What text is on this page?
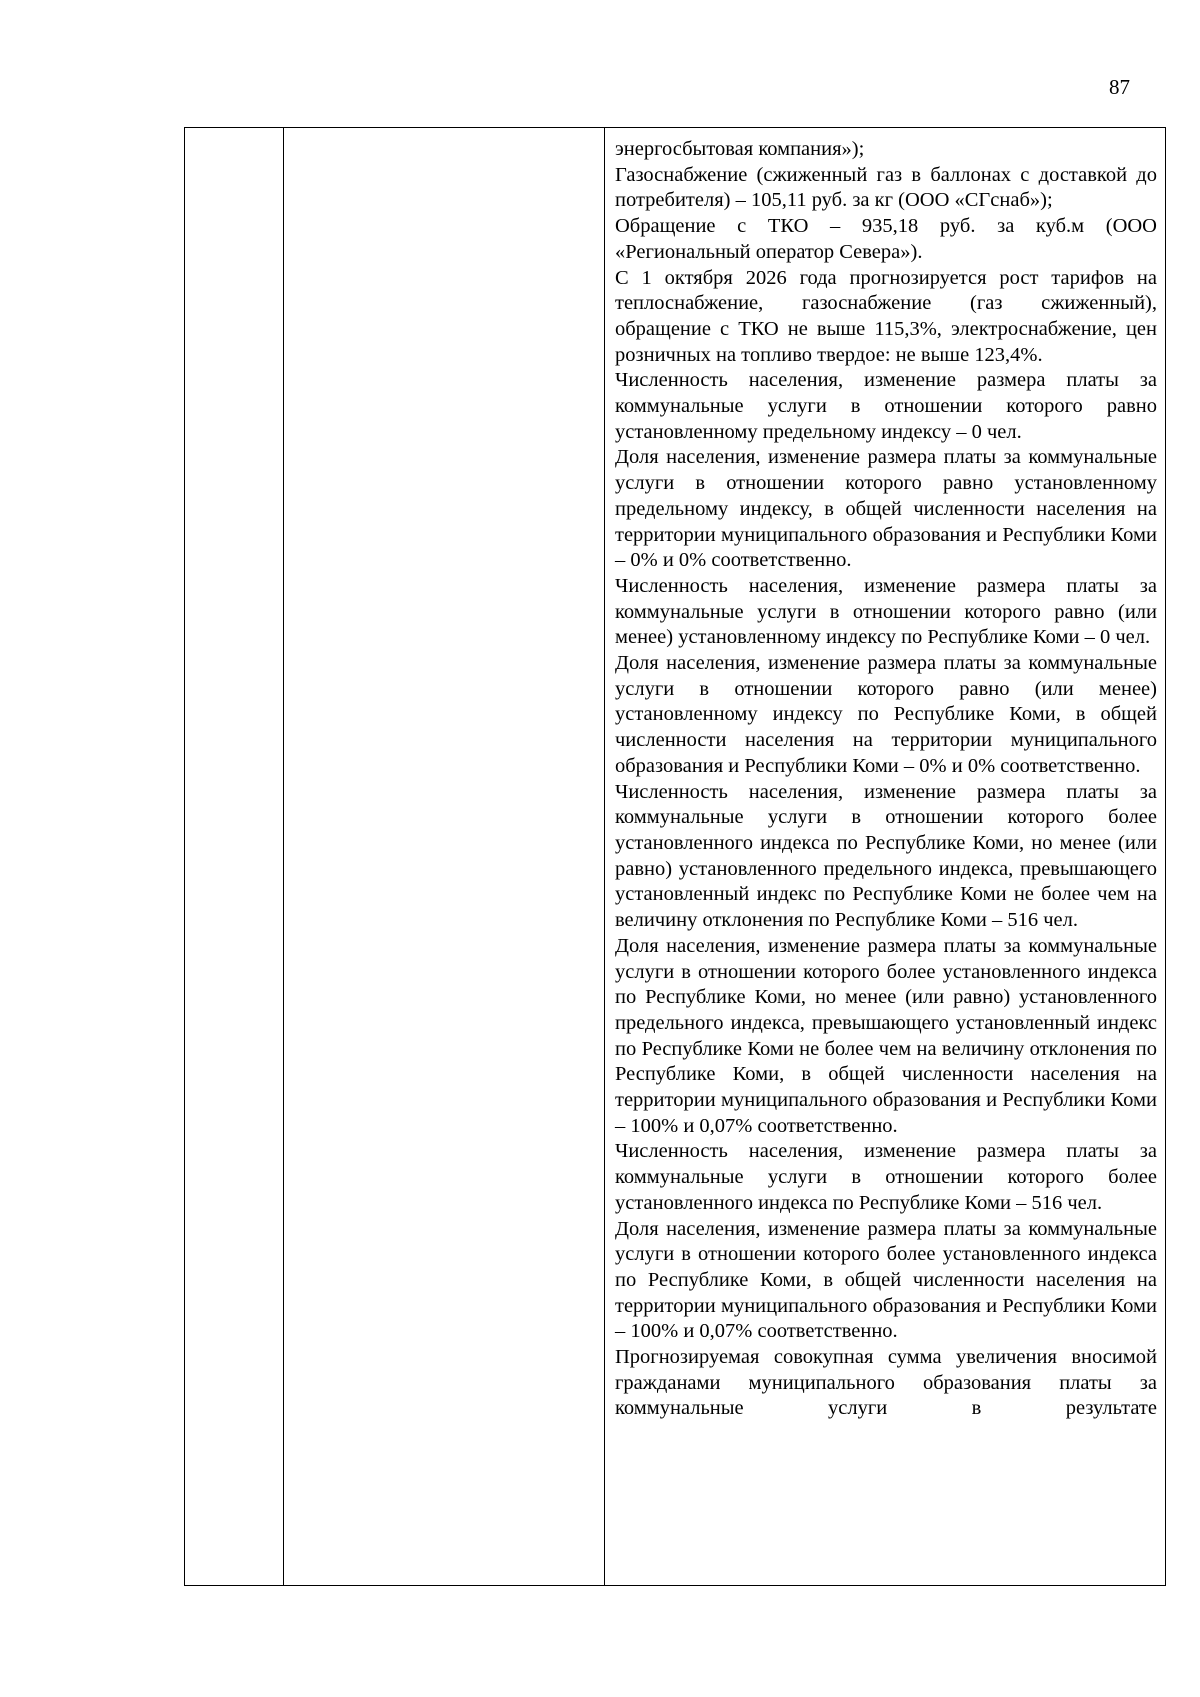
87

энергосбытовая компания»);

Газоснабжение (сжиженный газ в баллонах с доставкой до потребителя) – 105,11 руб. за кг (ООО «СГснаб»);

Обращение с ТКО – 935,18 руб. за куб.м (ООО «Региональный оператор Севера»).

С 1 октября 2026 года прогнозируется рост тарифов на теплоснабжение, газоснабжение (газ сжиженный), обращение с ТКО не выше 115,3%, электроснабжение, цен розничных на топливо твердое: не выше 123,4%.

Численность населения, изменение размера платы за коммунальные услуги в отношении которого равно установленному предельному индексу – 0 чел.

Доля населения, изменение размера платы за коммунальные услуги в отношении которого равно установленному предельному индексу, в общей численности населения на территории муниципального образования и Республики Коми – 0% и 0% соответственно.

Численность населения, изменение размера платы за коммунальные услуги в отношении которого равно (или менее) установленному индексу по Республике Коми – 0 чел.

Доля населения, изменение размера платы за коммунальные услуги в отношении которого равно (или менее) установленному индексу по Республике Коми, в общей численности населения на территории муниципального образования и Республики Коми – 0% и 0% соответственно.

Численность населения, изменение размера платы за коммунальные услуги в отношении которого более установленного индекса по Республике Коми, но менее (или равно) установленного предельного индекса, превышающего установленный индекс по Республике Коми не более чем на величину отклонения по Республике Коми – 516 чел.

Доля населения, изменение размера платы за коммунальные услуги в отношении которого более установленного индекса по Республике Коми, но менее (или равно) установленного предельного индекса, превышающего установленный индекс по Республике Коми не более чем на величину отклонения по Республике Коми, в общей численности населения на территории муниципального образования и Республики Коми – 100% и 0,07% соответственно.

Численность населения, изменение размера платы за коммунальные услуги в отношении которого более установленного индекса по Республике Коми – 516 чел.

Доля населения, изменение размера платы за коммунальные услуги в отношении которого более установленного индекса по Республике Коми, в общей численности населения на территории муниципального образования и Республики Коми – 100% и 0,07% соответственно.

Прогнозируемая совокупная сумма увеличения вносимой гражданами муниципального образования платы за коммунальные услуги в результате
